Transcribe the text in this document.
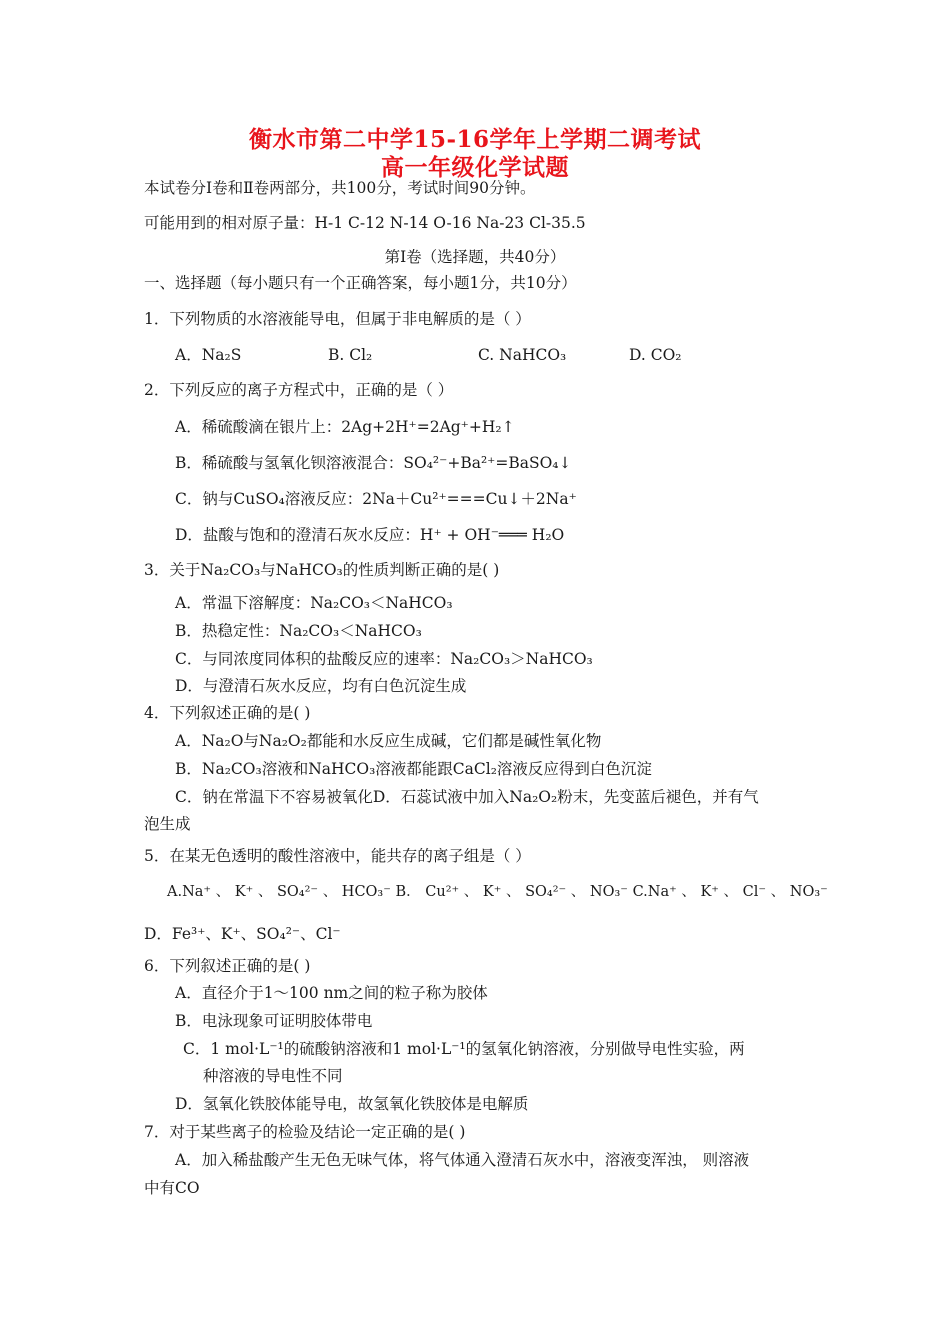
衡水市第二中学15-16学年上学期二调考试
高一年级化学试题
本试卷分Ⅰ卷和Ⅱ卷两部分，共100分，考试时间90分钟。
可能用到的相对原子量：H-1 C-12 N-14 O-16 Na-23 Cl-35.5
第Ⅰ卷（选择题，共40分）
一、选择题（每小题只有一个正确答案，每小题1分，共10分）
1．下列物质的水溶液能导电，但属于非电解质的是（ ）
A．Na₂S	B. Cl₂	C. NaHCO₃	D. CO₂
2．下列反应的离子方程式中，正确的是（ ）
A．稀硫酸滴在银片上：2Ag+2H⁺=2Ag⁺+H₂↑
B．稀硫酸与氢氧化钡溶液混合：SO₄²⁻+Ba²⁺=BaSO₄↓
C．钠与CuSO₄溶液反应：2Na＋Cu²⁺===Cu↓＋2Na⁺
D．盐酸与饱和的澄清石灰水反应：H⁺ + OH⁻═══ H₂O
3．关于Na₂CO₃与NaHCO₃的性质判断正确的是( )
A．常温下溶解度：Na₂CO₃＜NaHCO₃
B．热稳定性：Na₂CO₃＜NaHCO₃
C．与同浓度同体积的盐酸反应的速率：Na₂CO₃＞NaHCO₃
D．与澄清石灰水反应，均有白色沉淀生成
4．下列叙述正确的是( )
A．Na₂O与Na₂O₂都能和水反应生成碱，它们都是碱性氧化物
B．Na₂CO₃溶液和NaHCO₃溶液都能跟CaCl₂溶液反应得到白色沉淀
C．钠在常温下不容易被氧化D．石蕊试液中加入Na₂O₂粉末，先变蓝后褪色，并有气
泡生成
5．在某无色透明的酸性溶液中，能共存的离子组是（ ）
A.Na⁺ 、 K⁺ 、 SO₄²⁻ 、 HCO₃⁻ B． Cu²⁺ 、 K⁺ 、 SO₄²⁻ 、 NO₃⁻ C.Na⁺ 、 K⁺ 、 Cl⁻ 、 NO₃⁻
D．Fe³⁺、K⁺、SO₄²⁻、Cl⁻
6．下列叙述正确的是( )
A．直径介于1～100 nm之间的粒子称为胶体
B．电泳现象可证明胶体带电
C．1 mol·L⁻¹的硫酸钠溶液和1 mol·L⁻¹的氢氧化钠溶液，分别做导电性实验，两
种溶液的导电性不同
D．氢氧化铁胶体能导电，故氢氧化铁胶体是电解质
7．对于某些离子的检验及结论一定正确的是( )
A．加入稀盐酸产生无色无味气体，将气体通入澄清石灰水中，溶液变浑浊， 则溶液
中有CO
